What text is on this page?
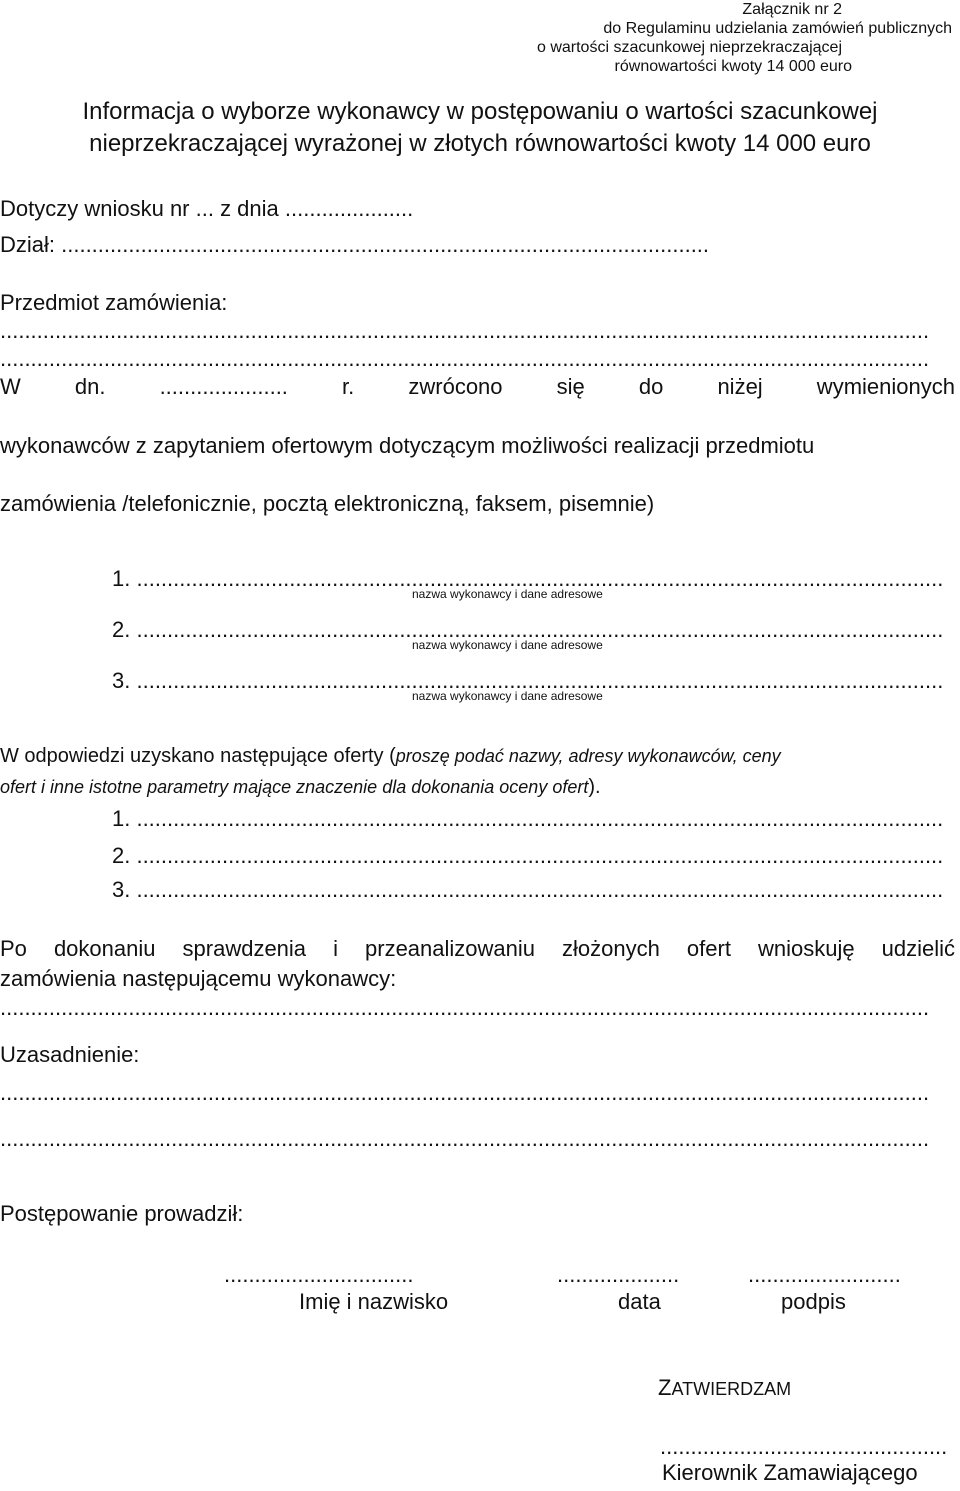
Załącznik nr 2
do Regulaminu udzielania zamówień publicznych
o wartości szacunkowej nieprzekraczającej
równowartości kwoty 14 000 euro
Informacja o wyborze wykonawcy w postępowaniu o wartości szacunkowej
nieprzekraczającej wyrażonej w złotych równowartości kwoty 14 000 euro
Dotyczy wniosku nr ... z dnia .....................
Dział: ..........................................................................................................
Przedmiot zamówienia:
........................................................................................................................................................
........................................................................................................................................................
W dn. ..................... r. zwrócono się do niżej wymienionych
wykonawców z zapytaniem ofertowym dotyczącym możliwości realizacji przedmiotu
zamówienia /telefonicznie, pocztą elektroniczną, faksem, pisemnie)
1. ....................................................................................................................................
nazwa wykonawcy i dane adresowe
2. ....................................................................................................................................
nazwa wykonawcy i dane adresowe
3. ....................................................................................................................................
nazwa wykonawcy i dane adresowe
W odpowiedzi uzyskano następujące oferty (proszę podać nazwy, adresy wykonawców, ceny
ofert i inne istotne parametry mające znaczenie dla dokonania oceny ofert).
1. ....................................................................................................................................
2. ....................................................................................................................................
3. ....................................................................................................................................
Po dokonaniu sprawdzenia i przeanalizowaniu złożonych ofert wnioskuję udzielić
zamówienia następującemu wykonawcy:
........................................................................................................................................................
Uzasadnienie:
........................................................................................................................................................
........................................................................................................................................................
Postępowanie prowadził:
...............................	....................	.........................
Imię i nazwisko	data	podpis
ZATWIERDZAM
...............................................
Kierownik Zamawiającego
